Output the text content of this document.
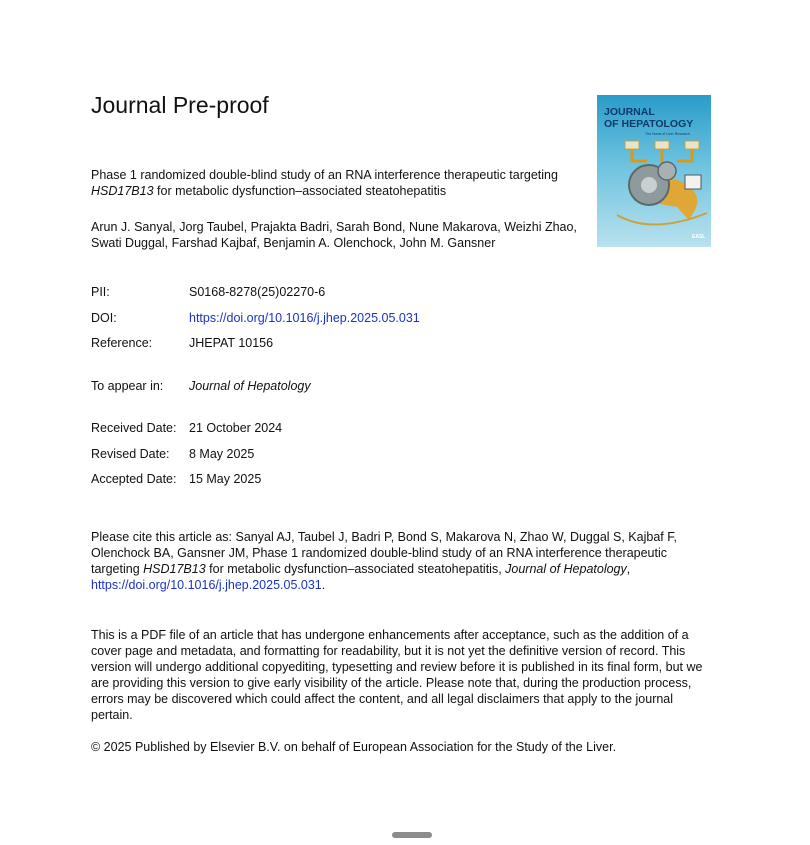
Journal Pre-proof	JOURNAL
OF HEPATOLOGY
The Home of Liver Research
EASL
Phase 1 randomized double-blind study of an RNA interference therapeutic targeting HSD17B13 for metabolic dysfunction–associated steatohepatitis
Arun J. Sanyal, Jorg Taubel, Prajakta Badri, Sarah Bond, Nune Makarova, Weizhi Zhao, Swati Duggal, Farshad Kajbaf, Benjamin A. Olenchock, John M. Gansner
PII:	S0168-8278(25)02270-6
DOI:	https://doi.org/10.1016/j.jhep.2025.05.031
Reference:	JHEPAT 10156
To appear in: Journal of Hepatology
Received Date: 21 October 2024
Revised Date: 8 May 2025
Accepted Date: 15 May 2025
Please cite this article as: Sanyal AJ, Taubel J, Badri P, Bond S, Makarova N, Zhao W, Duggal S, Kajbaf F, Olenchock BA, Gansner JM, Phase 1 randomized double-blind study of an RNA interference therapeutic targeting HSD17B13 for metabolic dysfunction–associated steatohepatitis, Journal of Hepatology, https://doi.org/10.1016/j.jhep.2025.05.031.
This is a PDF file of an article that has undergone enhancements after acceptance, such as the addition of a cover page and metadata, and formatting for readability, but it is not yet the definitive version of record. This version will undergo additional copyediting, typesetting and review before it is published in its final form, but we are providing this version to give early visibility of the article. Please note that, during the production process, errors may be discovered which could affect the content, and all legal disclaimers that apply to the journal pertain.
© 2025 Published by Elsevier B.V. on behalf of European Association for the Study of the Liver.
